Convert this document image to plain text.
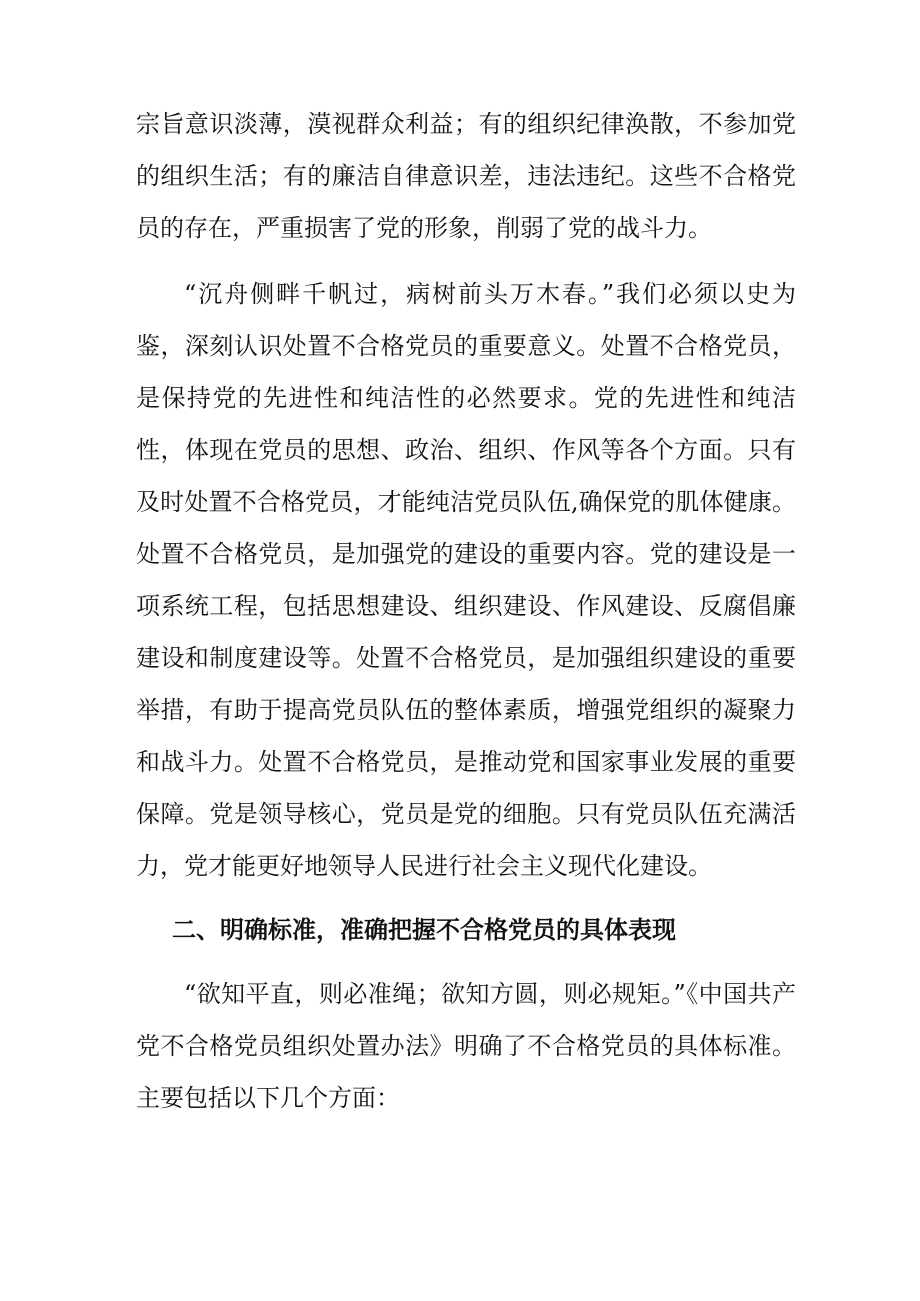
宗旨意识淡薄，漠视群众利益；有的组织纪律涣散，不参加党的组织生活；有的廉洁自律意识差，违法违纪。这些不合格党员的存在，严重损害了党的形象，削弱了党的战斗力。

“沉舟侧畔千帆过，病树前头万木春。”我们必须以史为鉴，深刻认识处置不合格党员的重要意义。处置不合格党员，是保持党的先进性和纯洁性的必然要求。党的先进性和纯洁性，体现在党员的思想、政治、组织、作风等各个方面。只有及时处置不合格党员，才能纯洁党员队伍,确保党的肌体健康。处置不合格党员，是加强党的建设的重要内容。党的建设是一项系统工程，包括思想建设、组织建设、作风建设、反腐倡廉建设和制度建设等。处置不合格党员，是加强组织建设的重要举措，有助于提高党员队伍的整体素质，增强党组织的凝聚力和战斗力。处置不合格党员，是推动党和国家事业发展的重要保障。党是领导核心，党员是党的细胞。只有党员队伍充满活力，党才能更好地领导人民进行社会主义现代化建设。

二、明确标准，准确把握不合格党员的具体表现

“欲知平直，则必准绳；欲知方圆，则必规矩。”《中国共产党不合格党员组织处置办法》明确了不合格党员的具体标准。主要包括以下几个方面：
